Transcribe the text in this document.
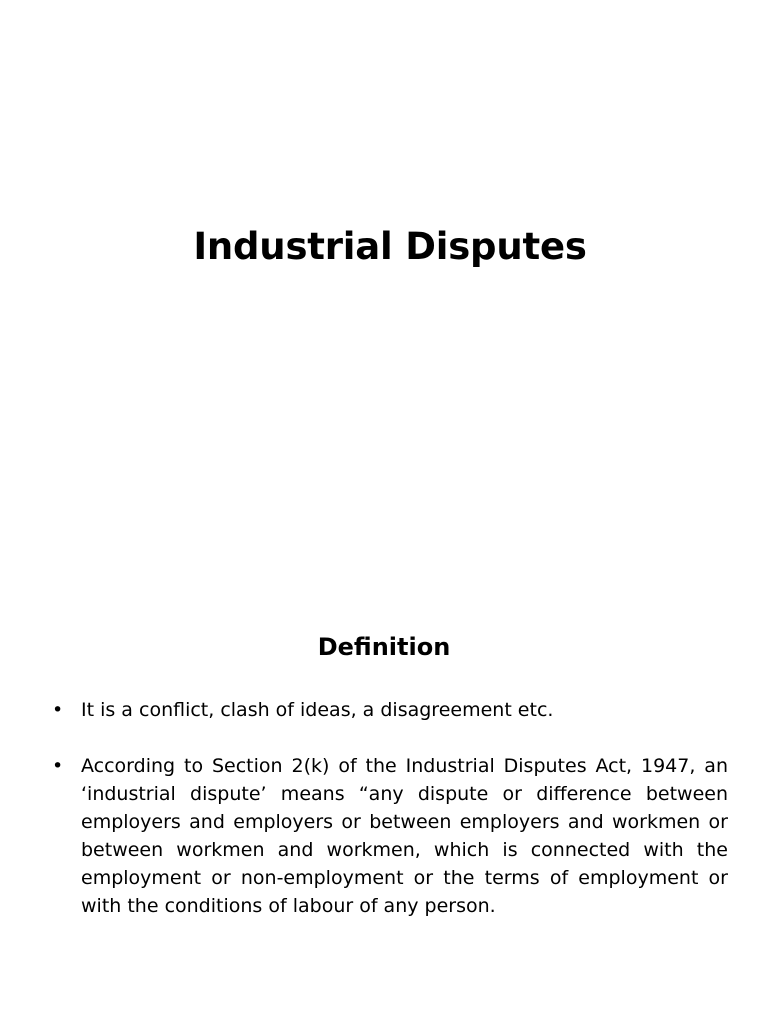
Industrial Disputes
Definition
• It is a conflict, clash of ideas, a disagreement etc.
• According to Section 2(k) of the Industrial Disputes Act, 1947, an ‘industrial dispute’ means “any dispute or difference between employers and employers or between employers and workmen or between workmen and workmen, which is connected with the employment or non-employment or the terms of employment or with the conditions of labour of any person.
